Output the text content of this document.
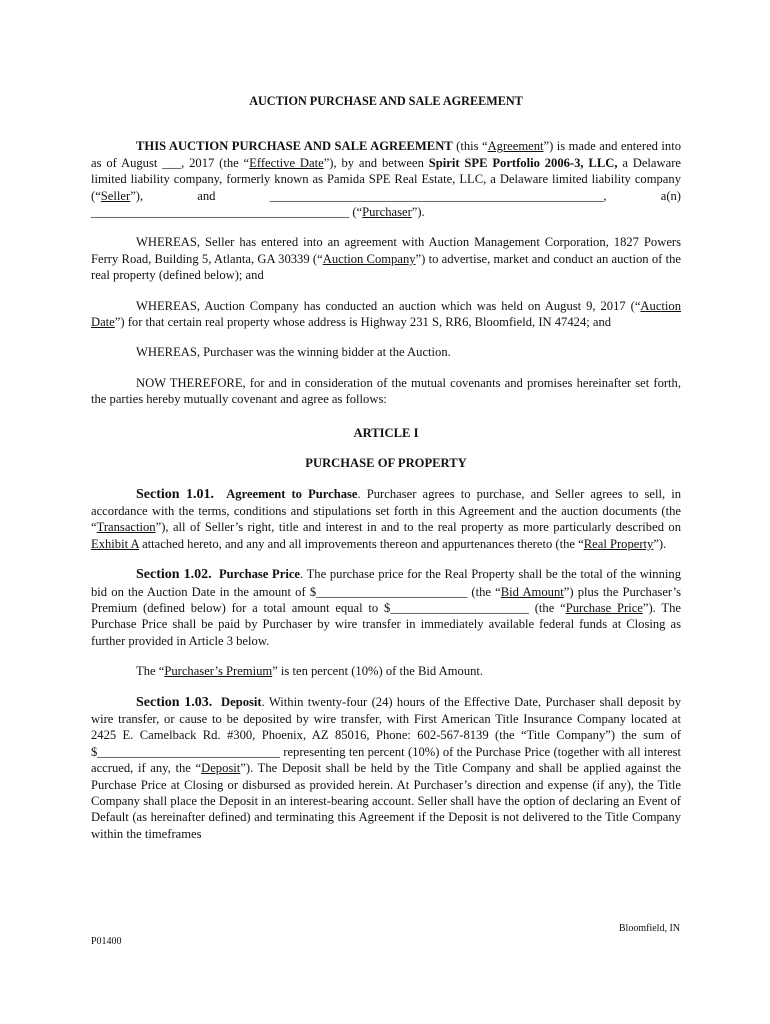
AUCTION PURCHASE AND SALE AGREEMENT

THIS AUCTION PURCHASE AND SALE AGREEMENT (this “Agreement”) is made and entered into as of August ___, 2017 (the “Effective Date”), by and between Spirit SPE Portfolio 2006-3, LLC, a Delaware limited liability company, formerly known as Pamida SPE Real Estate, LLC, a Delaware limited liability company (“Seller”), and _____________________________________________________, a(n) _________________________________________ (“Purchaser”).

WHEREAS, Seller has entered into an agreement with Auction Management Corporation, 1827 Powers Ferry Road, Building 5, Atlanta, GA 30339 (“Auction Company”) to advertise, market and conduct an auction of the real property (defined below); and

WHEREAS, Auction Company has conducted an auction which was held on August 9, 2017 (“Auction Date”) for that certain real property whose address is Highway 231 S, RR6, Bloomfield, IN 47424; and

WHEREAS, Purchaser was the winning bidder at the Auction.

NOW THEREFORE, for and in consideration of the mutual covenants and promises hereinafter set forth, the parties hereby mutually covenant and agree as follows:

ARTICLE I

PURCHASE OF PROPERTY

Section 1.01. Agreement to Purchase. Purchaser agrees to purchase, and Seller agrees to sell, in accordance with the terms, conditions and stipulations set forth in this Agreement and the auction documents (the “Transaction”), all of Seller’s right, title and interest in and to the real property as more particularly described on Exhibit A attached hereto, and any and all improvements thereon and appurtenances thereto (the “Real Property”).

Section 1.02. Purchase Price. The purchase price for the Real Property shall be the total of the winning bid on the Auction Date in the amount of $________________________ (the “Bid Amount”) plus the Purchaser’s Premium (defined below) for a total amount equal to $______________________ (the “Purchase Price”). The Purchase Price shall be paid by Purchaser by wire transfer in immediately available federal funds at Closing as further provided in Article 3 below.

The “Purchaser’s Premium” is ten percent (10%) of the Bid Amount.

Section 1.03. Deposit. Within twenty-four (24) hours of the Effective Date, Purchaser shall deposit by wire transfer, or cause to be deposited by wire transfer, with First American Title Insurance Company located at 2425 E. Camelback Rd. #300, Phoenix, AZ 85016, Phone: 602-567-8139 (the “Title Company”) the sum of $_____________________________ representing ten percent (10%) of the Purchase Price (together with all interest accrued, if any, the “Deposit”). The Deposit shall be held by the Title Company and shall be applied against the Purchase Price at Closing or disbursed as provided herein. At Purchaser’s direction and expense (if any), the Title Company shall place the Deposit in an interest-bearing account. Seller shall have the option of declaring an Event of Default (as hereinafter defined) and terminating this Agreement if the Deposit is not delivered to the Title Company within the timeframes

Bloomfield, IN
P01400
